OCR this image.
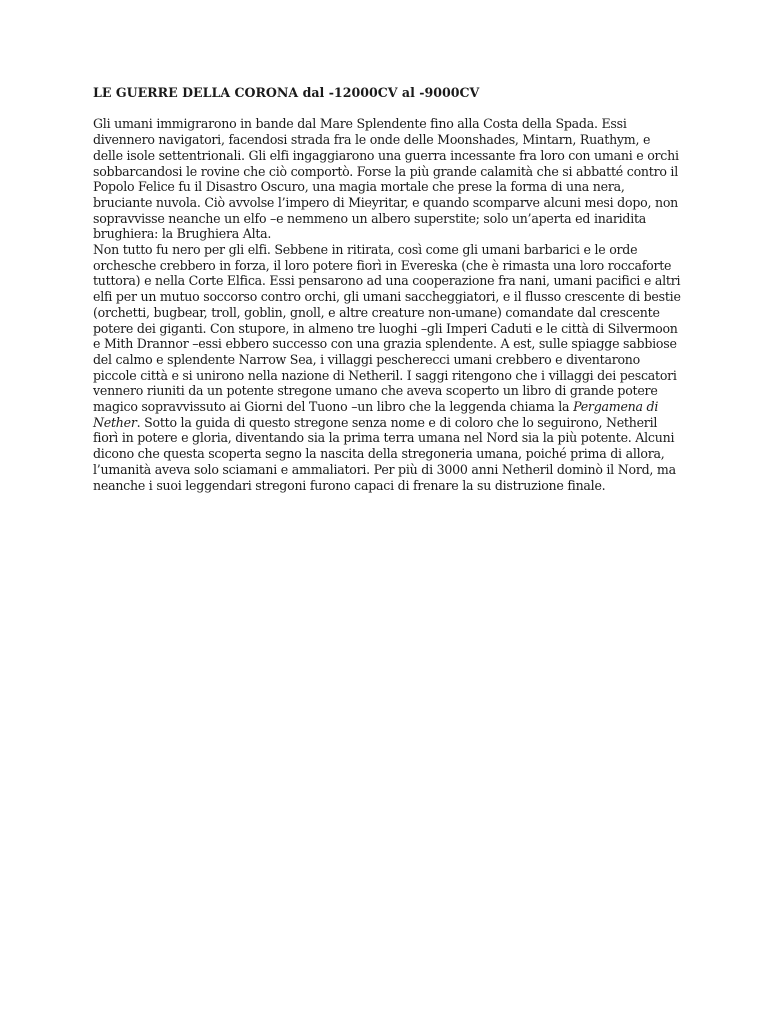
LE GUERRE DELLA CORONA dal -12000CV al -9000CV

Gli umani immigrarono in bande dal Mare Splendente fino alla Costa della Spada. Essi divennero navigatori, facendosi strada fra le onde delle Moonshades, Mintarn, Ruathym, e delle isole settentrionali. Gli elfi ingaggiarono una guerra incessante fra loro con umani e orchi sobbarcandosi le rovine che ciò comportò. Forse la più grande calamità che si abbatté contro il Popolo Felice fu il Disastro Oscuro, una magia mortale che prese la forma di una nera, bruciante nuvola. Ciò avvolse l’impero di Mieyritar, e quando scomparve alcuni mesi dopo, non sopravvisse neanche un elfo –e nemmeno un albero superstite; solo un’aperta ed inaridita brughiera: la Brughiera Alta.

Non tutto fu nero per gli elfi. Sebbene in ritirata, così come gli umani barbarici e le orde orchesche crebbero in forza, il loro potere fiorì in Evereska (che è rimasta una loro roccaforte tuttora) e nella Corte Elfica. Essi pensarono ad una cooperazione fra nani, umani pacifici e altri elfi per un mutuo soccorso contro orchi, gli umani saccheggiatori, e il flusso crescente di bestie (orchetti, bugbear, troll, goblin, gnoll, e altre creature non-umane) comandate dal crescente potere dei giganti. Con stupore, in almeno tre luoghi –gli Imperi Caduti e le città di Silvermoon e Mith Drannor –essi ebbero successo con una grazia splendente. A est, sulle spiagge sabbiose del calmo e splendente Narrow Sea, i villaggi pescherecci umani crebbero e diventarono piccole città e si unirono nella nazione di Netheril. I saggi ritengono che i villaggi dei pescatori vennero riuniti da un potente stregone umano che aveva scoperto un libro di grande potere magico sopravvissuto ai Giorni del Tuono –un libro che la leggenda chiama la Pergamena di Nether. Sotto la guida di questo stregone senza nome e di coloro che lo seguirono, Netheril fiorì in potere e gloria, diventando sia la prima terra umana nel Nord sia la più potente. Alcuni dicono che questa scoperta segno la nascita della stregoneria umana, poiché prima di allora, l’umanità aveva solo sciamani e ammaliatori. Per più di 3000 anni Netheril dominò il Nord, ma neanche i suoi leggendari stregoni furono capaci di frenare la su distruzione finale.
